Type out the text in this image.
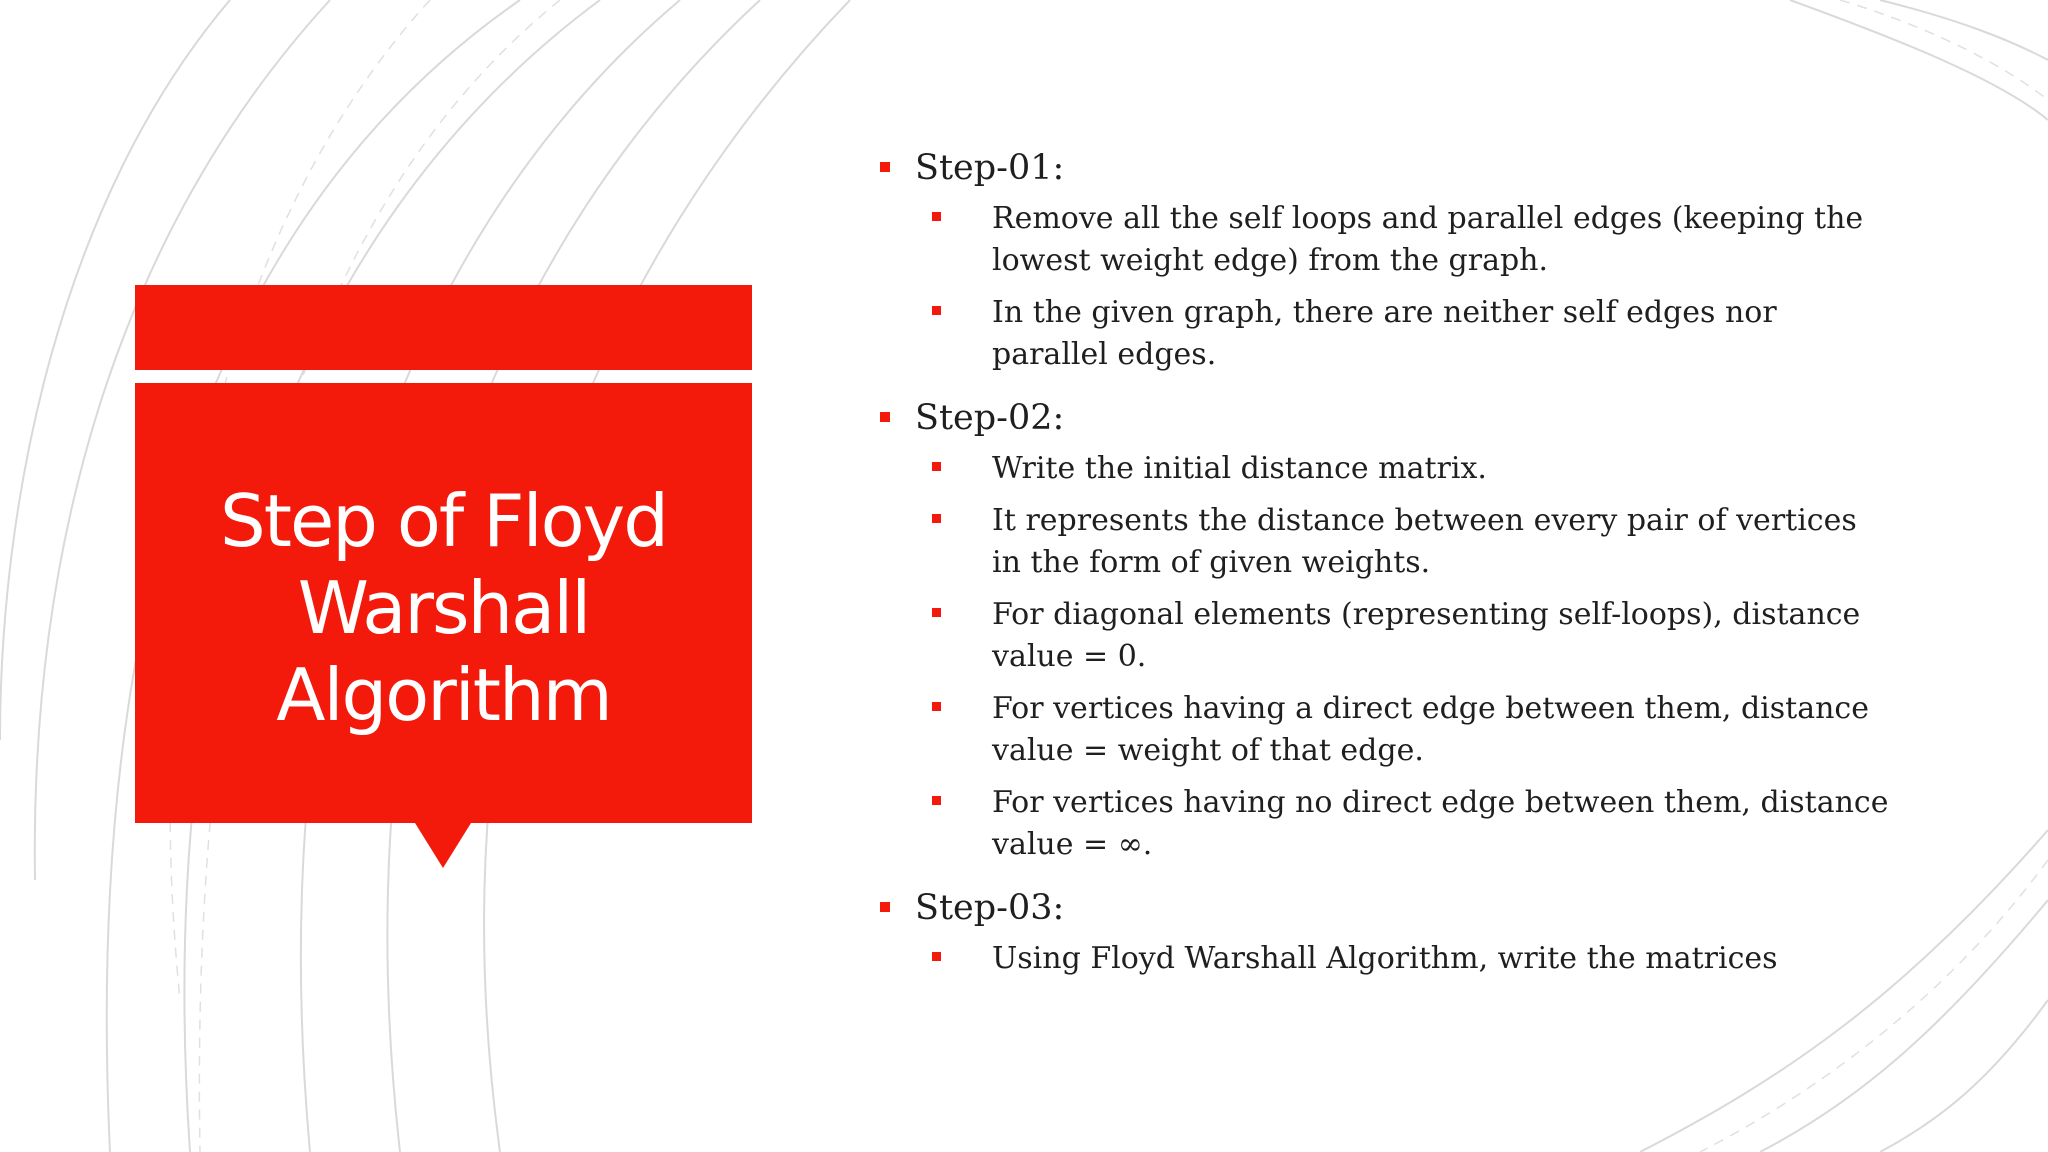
Step of Floyd Warshall Algorithm
Step-01:
Remove all the self loops and parallel edges (keeping the lowest weight edge) from the graph.
In the given graph, there are neither self edges nor parallel edges.
Step-02:
Write the initial distance matrix.
It represents the distance between every pair of vertices in the form of given weights.
For diagonal elements (representing self-loops), distance value = 0.
For vertices having a direct edge between them, distance value = weight of that edge.
For vertices having no direct edge between them, distance value = ∞.
Step-03:
Using Floyd Warshall Algorithm, write the matrices
